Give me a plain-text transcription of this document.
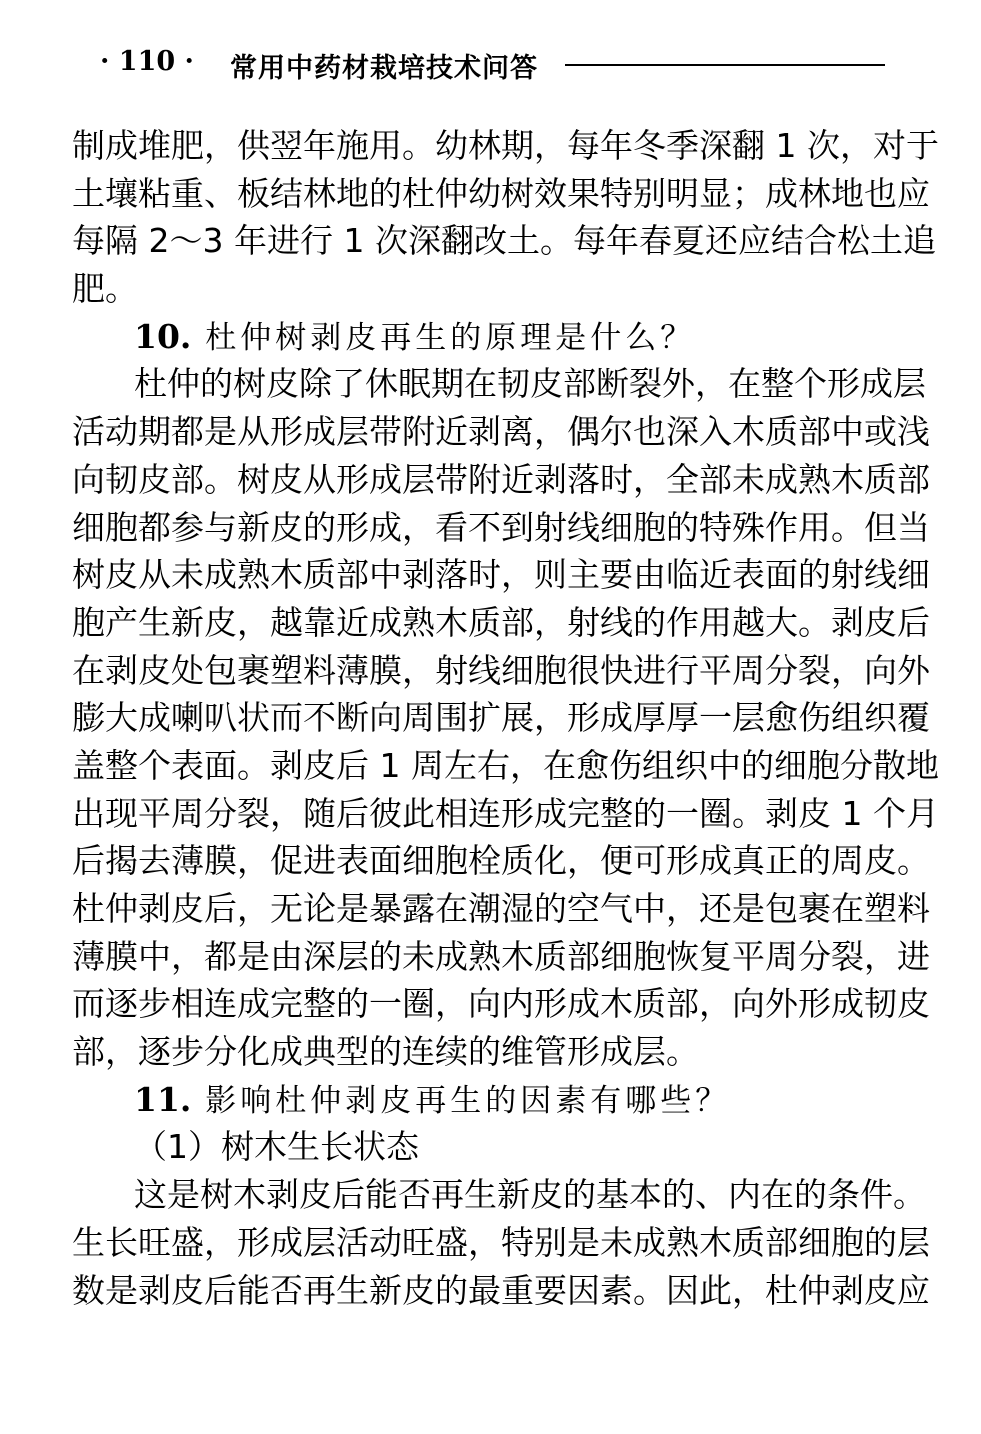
· 110 · 常用中药材栽培技术问答
制成堆肥，供翌年施用。幼林期，每年冬季深翻 1 次，对于
土壤粘重、板结林地的杜仲幼树效果特别明显；成林地也应
每隔 2～3 年进行 1 次深翻改土。每年春夏还应结合松土追
肥。
10. 杜仲树剥皮再生的原理是什么？
杜仲的树皮除了休眠期在韧皮部断裂外，在整个形成层
活动期都是从形成层带附近剥离，偶尔也深入木质部中或浅
向韧皮部。树皮从形成层带附近剥落时，全部未成熟木质部
细胞都参与新皮的形成，看不到射线细胞的特殊作用。但当
树皮从未成熟木质部中剥落时，则主要由临近表面的射线细
胞产生新皮，越靠近成熟木质部，射线的作用越大。剥皮后
在剥皮处包裹塑料薄膜，射线细胞很快进行平周分裂，向外
膨大成喇叭状而不断向周围扩展，形成厚厚一层愈伤组织覆
盖整个表面。剥皮后 1 周左右，在愈伤组织中的细胞分散地
出现平周分裂，随后彼此相连形成完整的一圈。剥皮 1 个月
后揭去薄膜，促进表面细胞栓质化，便可形成真正的周皮。
杜仲剥皮后，无论是暴露在潮湿的空气中，还是包裹在塑料
薄膜中，都是由深层的未成熟木质部细胞恢复平周分裂，进
而逐步相连成完整的一圈，向内形成木质部，向外形成韧皮
部，逐步分化成典型的连续的维管形成层。
11. 影响杜仲剥皮再生的因素有哪些？
（1）树木生长状态
这是树木剥皮后能否再生新皮的基本的、内在的条件。
生长旺盛，形成层活动旺盛，特别是未成熟木质部细胞的层
数是剥皮后能否再生新皮的最重要因素。因此，杜仲剥皮应
